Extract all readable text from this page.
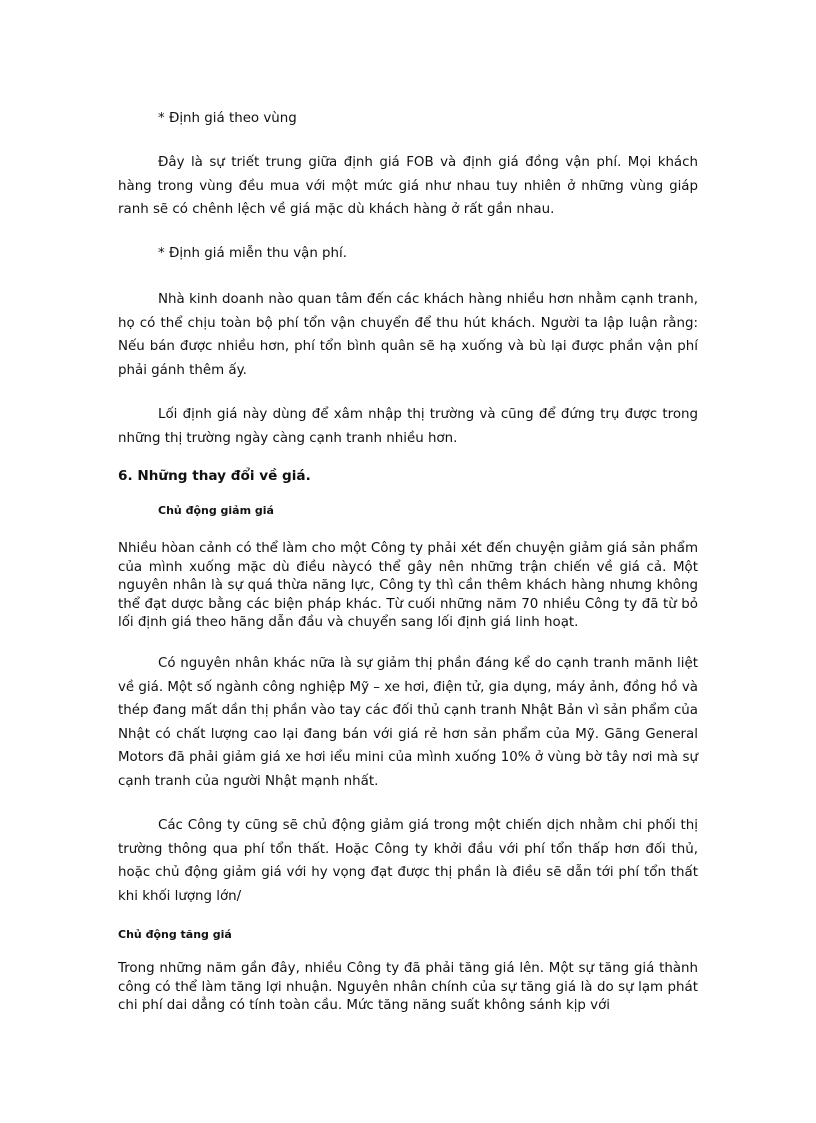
* Định giá theo vùng

Đây là sự triết trung giữa định giá FOB và định giá đồng vận phí. Mọi khách hàng trong vùng đều mua với một mức giá như nhau tuy nhiên ở những vùng giáp ranh sẽ có chênh lệch về giá mặc dù khách hàng ở rất gần nhau.

* Định giá miễn thu vận phí.

Nhà kinh doanh nào quan tâm đến các khách hàng nhiều hơn nhằm cạnh tranh, họ có thể chịu toàn bộ phí tổn vận chuyển để thu hút khách. Người ta lập luận rằng: Nếu bán được nhiều hơn, phí tổn bình quân sẽ hạ xuống và bù lại được phần vận phí phải gánh thêm ấy.

Lối định giá này dùng để xâm nhập thị trường và cũng để đứng trụ được trong những thị trường ngày càng cạnh tranh nhiều hơn.

6. Những thay đổi về giá.
Chủ động giảm giá

Nhiều hòan cảnh có thể làm cho một Công ty phải xét đến chuyện giảm giá sản phẩm của mình xuống mặc dù điều nàycó thể gây nên những trận chiến về giá cả. Một nguyên nhân là sự quá thừa năng lực, Công ty thì cần thêm khách hàng nhưng không thể đạt dược bằng các biện pháp khác. Từ cuối những năm 70 nhiều Công ty đã từ bỏ lối định giá theo hãng dẫn đầu và chuyển sang lối định giá linh hoạt.

Có nguyên nhân khác nữa là sự giảm thị phần đáng kể do cạnh tranh mãnh liệt về giá. Một số ngành công nghiệp Mỹ – xe hơi, điện tử, gia dụng, máy ảnh, đồng hồ và thép đang mất dần thị phần vào tay các đối thủ cạnh tranh Nhật Bản vì sản phẩm của Nhật có chất lượng cao lại đang bán với giá rẻ hơn sản phẩm của Mỹ. Gãng General Motors đã phải giảm giá xe hơi iểu mini của mình xuống 10% ở vùng bờ tây nơi mà sự cạnh tranh của người Nhật mạnh nhất.

Các Công ty cũng sẽ chủ động giảm giá trong một chiến dịch nhằm chi phối thị trường thông qua phí tổn thất. Hoặc Công ty khởi đầu với phí tổn thấp hơn đối thủ, hoặc chủ động giảm giá với hy vọng đạt được thị phần là điều sẽ dẫn tới phí tổn thất khi khối lượng lớn/

Chủ động tăng giá

Trong những năm gần đây, nhiều Công ty đã phải tăng giá lên. Một sự tăng giá thành công có thể làm tăng lợi nhuận. Nguyên nhân chính của sự tăng giá là do sự lạm phát chi phí dai dẳng có tính toàn cầu. Mức tăng năng suất không sánh kịp với
